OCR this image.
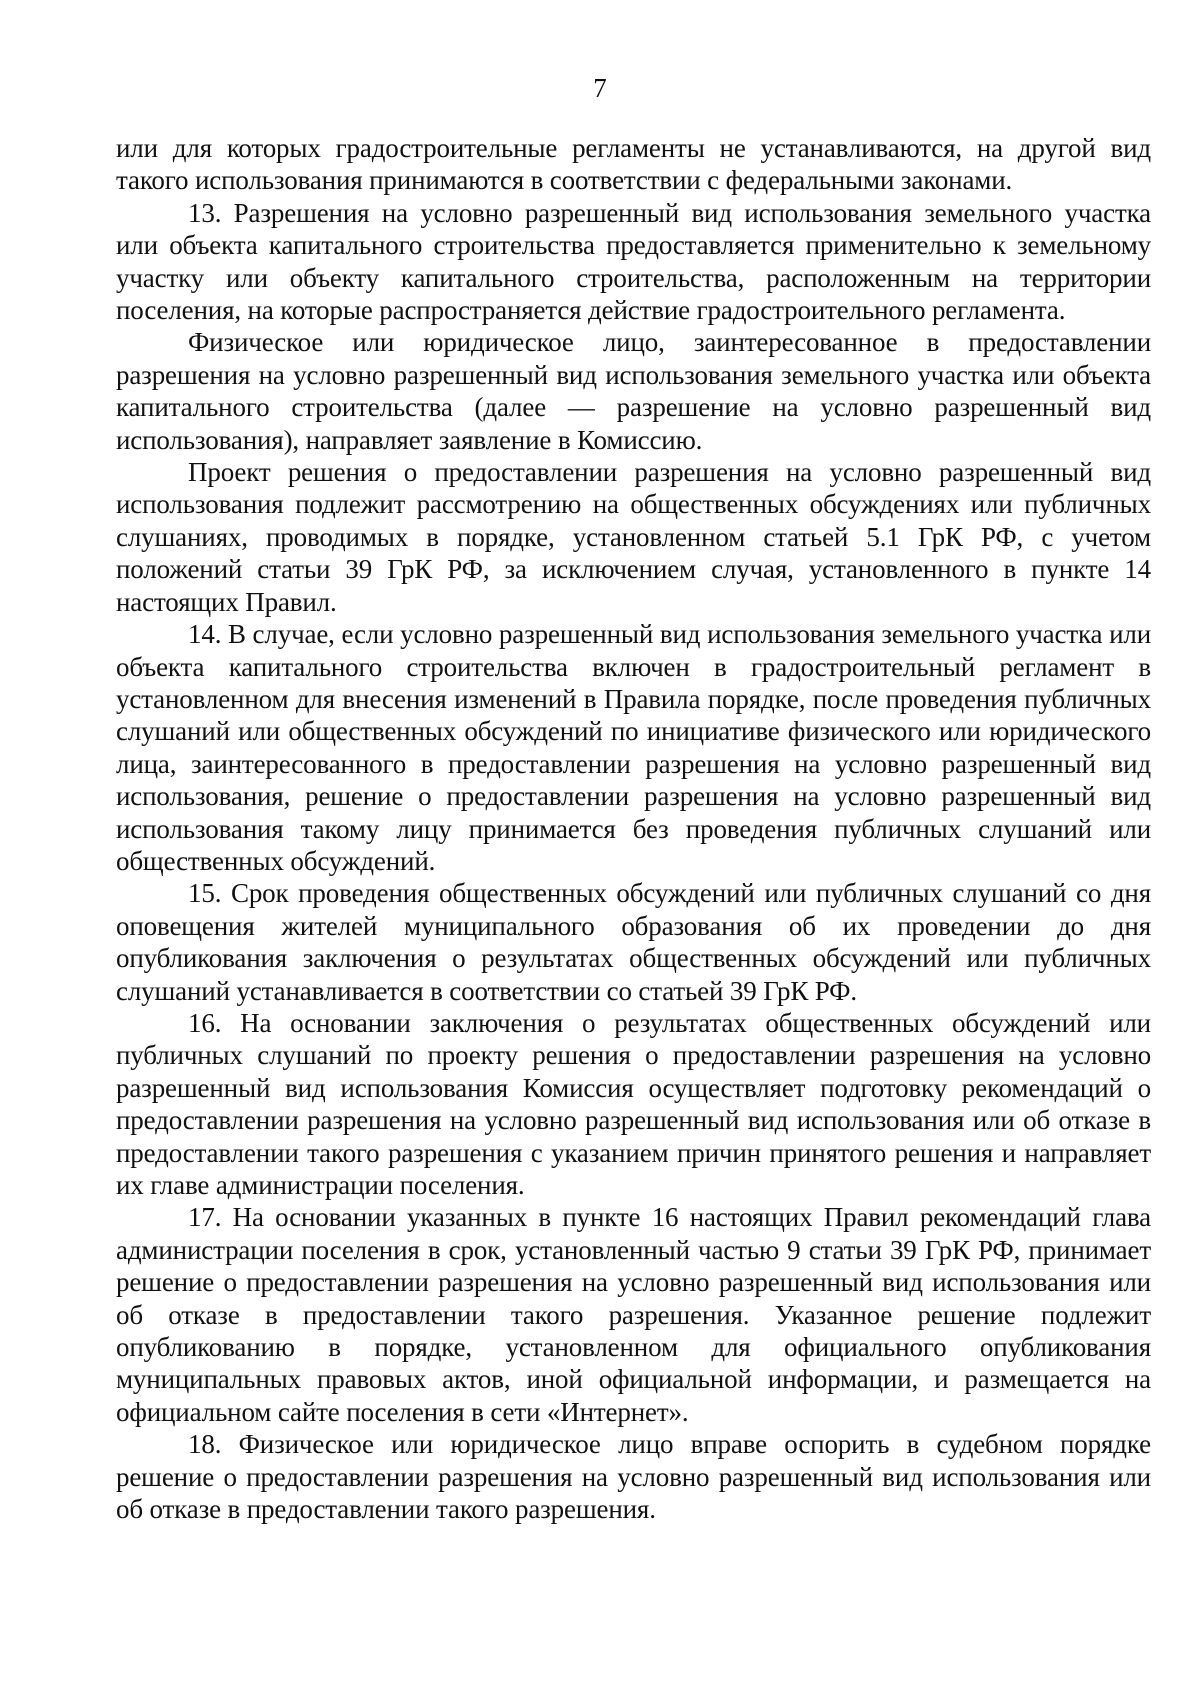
7

или для которых градостроительные регламенты не устанавливаются, на другой вид такого использования принимаются в соответствии с федеральными законами.

13. Разрешения на условно разрешенный вид использования земельного участка или объекта капитального строительства предоставляется применительно к земельному участку или объекту капитального строительства, расположенным на территории поселения, на которые распространяется действие градостроительного регламента.

Физическое или юридическое лицо, заинтересованное в предоставлении разрешения на условно разрешенный вид использования земельного участка или объекта капитального строительства (далее — разрешение на условно разрешенный вид использования), направляет заявление в Комиссию.

Проект решения о предоставлении разрешения на условно разрешенный вид использования подлежит рассмотрению на общественных обсуждениях или публичных слушаниях, проводимых в порядке, установленном статьей 5.1 ГрК РФ, с учетом положений статьи 39 ГрК РФ, за исключением случая, установленного в пункте 14 настоящих Правил.

14. В случае, если условно разрешенный вид использования земельного участка или объекта капитального строительства включен в градостроительный регламент в установленном для внесения изменений в Правила порядке, после проведения публичных слушаний или общественных обсуждений по инициативе физического или юридического лица, заинтересованного в предоставлении разрешения на условно разрешенный вид использования, решение о предоставлении разрешения на условно разрешенный вид использования такому лицу принимается без проведения публичных слушаний или общественных обсуждений.

15. Срок проведения общественных обсуждений или публичных слушаний со дня оповещения жителей муниципального образования об их проведении до дня опубликования заключения о результатах общественных обсуждений или публичных слушаний устанавливается в соответствии со статьей 39 ГрК РФ.

16. На основании заключения о результатах общественных обсуждений или публичных слушаний по проекту решения о предоставлении разрешения на условно разрешенный вид использования Комиссия осуществляет подготовку рекомендаций о предоставлении разрешения на условно разрешенный вид использования или об отказе в предоставлении такого разрешения с указанием причин принятого решения и направляет их главе администрации поселения.

17. На основании указанных в пункте 16 настоящих Правил рекомендаций глава администрации поселения в срок, установленный частью 9 статьи 39 ГрК РФ, принимает решение о предоставлении разрешения на условно разрешенный вид использования или об отказе в предоставлении такого разрешения. Указанное решение подлежит опубликованию в порядке, установленном для официального опубликования муниципальных правовых актов, иной официальной информации, и размещается на официальном сайте поселения в сети «Интернет».

18. Физическое или юридическое лицо вправе оспорить в судебном порядке решение о предоставлении разрешения на условно разрешенный вид использования или об отказе в предоставлении такого разрешения.
